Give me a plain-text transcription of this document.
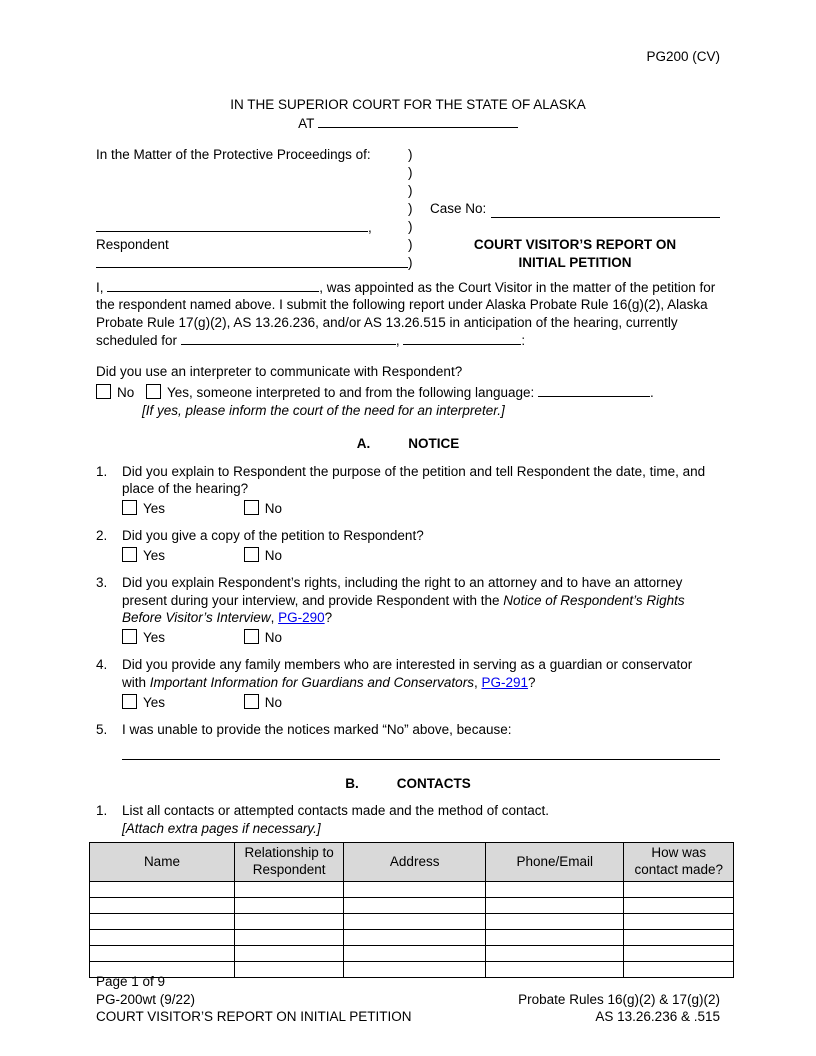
PG200 (CV)
IN THE SUPERIOR COURT FOR THE STATE OF ALASKA
AT
In the Matter of the Protective Proceedings of:	)
)
)
)	Case No:
,	)
Respondent	)	COURT VISITOR’S REPORT ON
)	INITIAL PETITION

I,	, was appointed as the Court Visitor in the matter of the petition for the respondent named above. I submit the following report under Alaska Probate Rule 16(g)(2), Alaska Probate Rule 17(g)(2), AS 13.26.236, and/or AS 13.26.515 in anticipation of the hearing, currently scheduled for	,	:

Did you use an interpreter to communicate with Respondent?
No Yes, someone interpreted to and from the following language:	.
[If yes, please inform the court of the need for an interpreter.]
A.	NOTICE
1.	Did you explain to Respondent the purpose of the petition and tell Respondent the date, time, and place of the hearing?
Yes	No
2.	Did you give a copy of the petition to Respondent?
Yes	No
3.	Did you explain Respondent’s rights, including the right to an attorney and to have an attorney present during your interview, and provide Respondent with the Notice of Respondent’s Rights Before Visitor’s Interview, PG-290?
Yes	No
4.	Did you provide any family members who are interested in serving as a guardian or conservator with Important Information for Guardians and Conservators, PG-291?
Yes	No
5.	I was unable to provide the notices marked “No” above, because:
B.	CONTACTS
1.	List all contacts or attempted contacts made and the method of contact.
[Attach extra pages if necessary.]
Name	Relationship to Respondent	Address	Phone/Email	How was contact made?

Page 1 of 9
PG-200wt (9/22)
COURT VISITOR’S REPORT ON INITIAL PETITION
Probate Rules 16(g)(2) & 17(g)(2)
AS 13.26.236 & .515
